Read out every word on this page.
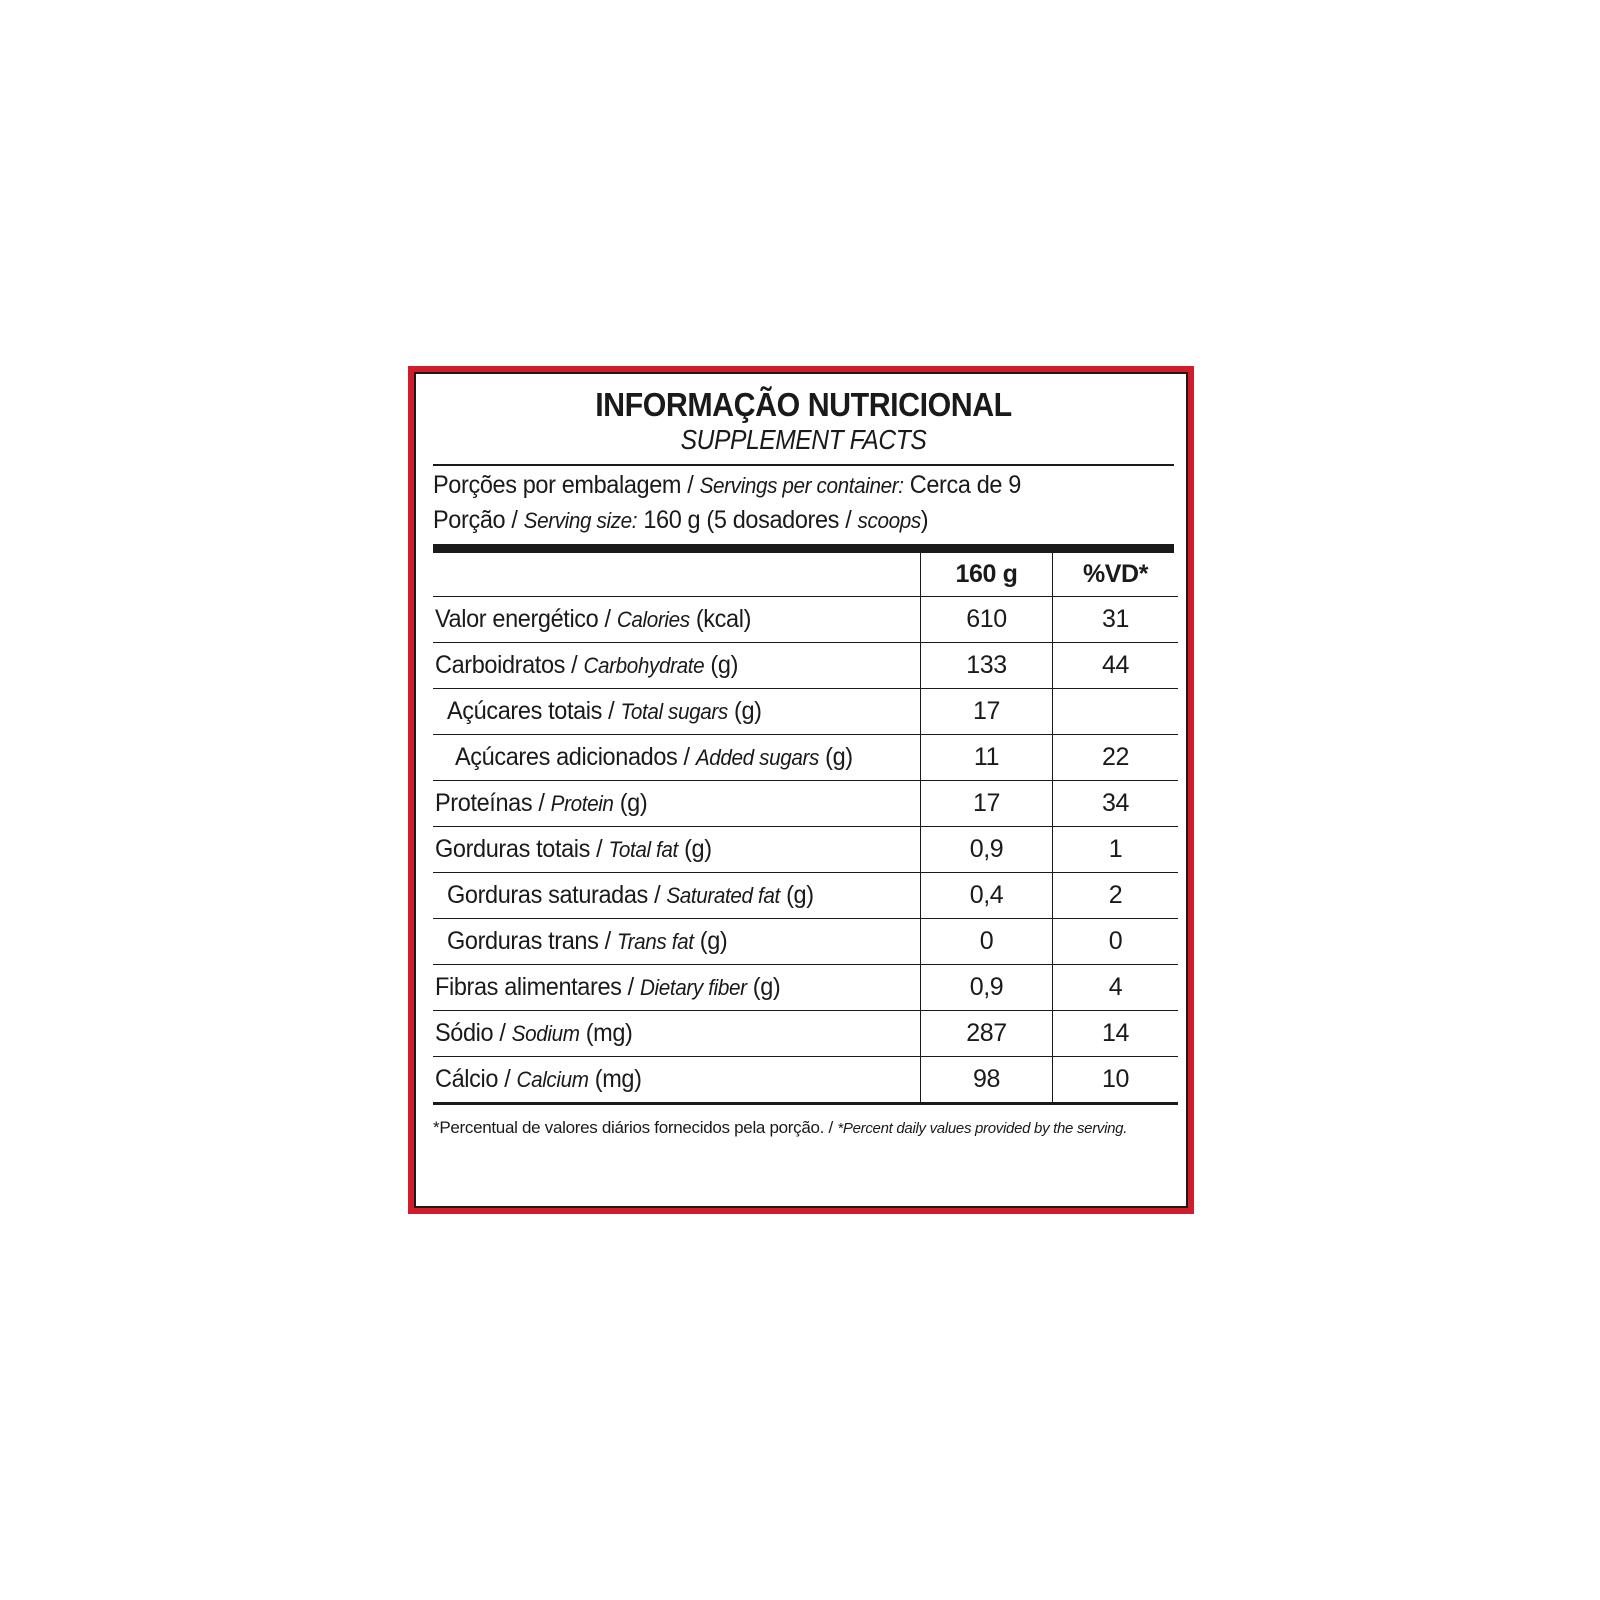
INFORMAÇÃO NUTRICIONAL
SUPPLEMENT FACTS
Porções por embalagem / Servings per container: Cerca de 9
Porção / Serving size: 160 g (5 dosadores / scoops)
	160 g	%VD*
Valor energético / Calories (kcal)	610	31
Carboidratos / Carbohydrate (g)	133	44
Açúcares totais / Total sugars (g)	17	
Açúcares adicionados / Added sugars (g)	11	22
Proteínas / Protein (g)	17	34
Gorduras totais / Total fat (g)	0,9	1
Gorduras saturadas / Saturated fat (g)	0,4	2
Gorduras trans / Trans fat (g)	0	0
Fibras alimentares / Dietary fiber (g)	0,9	4
Sódio / Sodium (mg)	287	14
Cálcio / Calcium (mg)	98	10
*Percentual de valores diários fornecidos pela porção. / *Percent daily values provided by the serving.
